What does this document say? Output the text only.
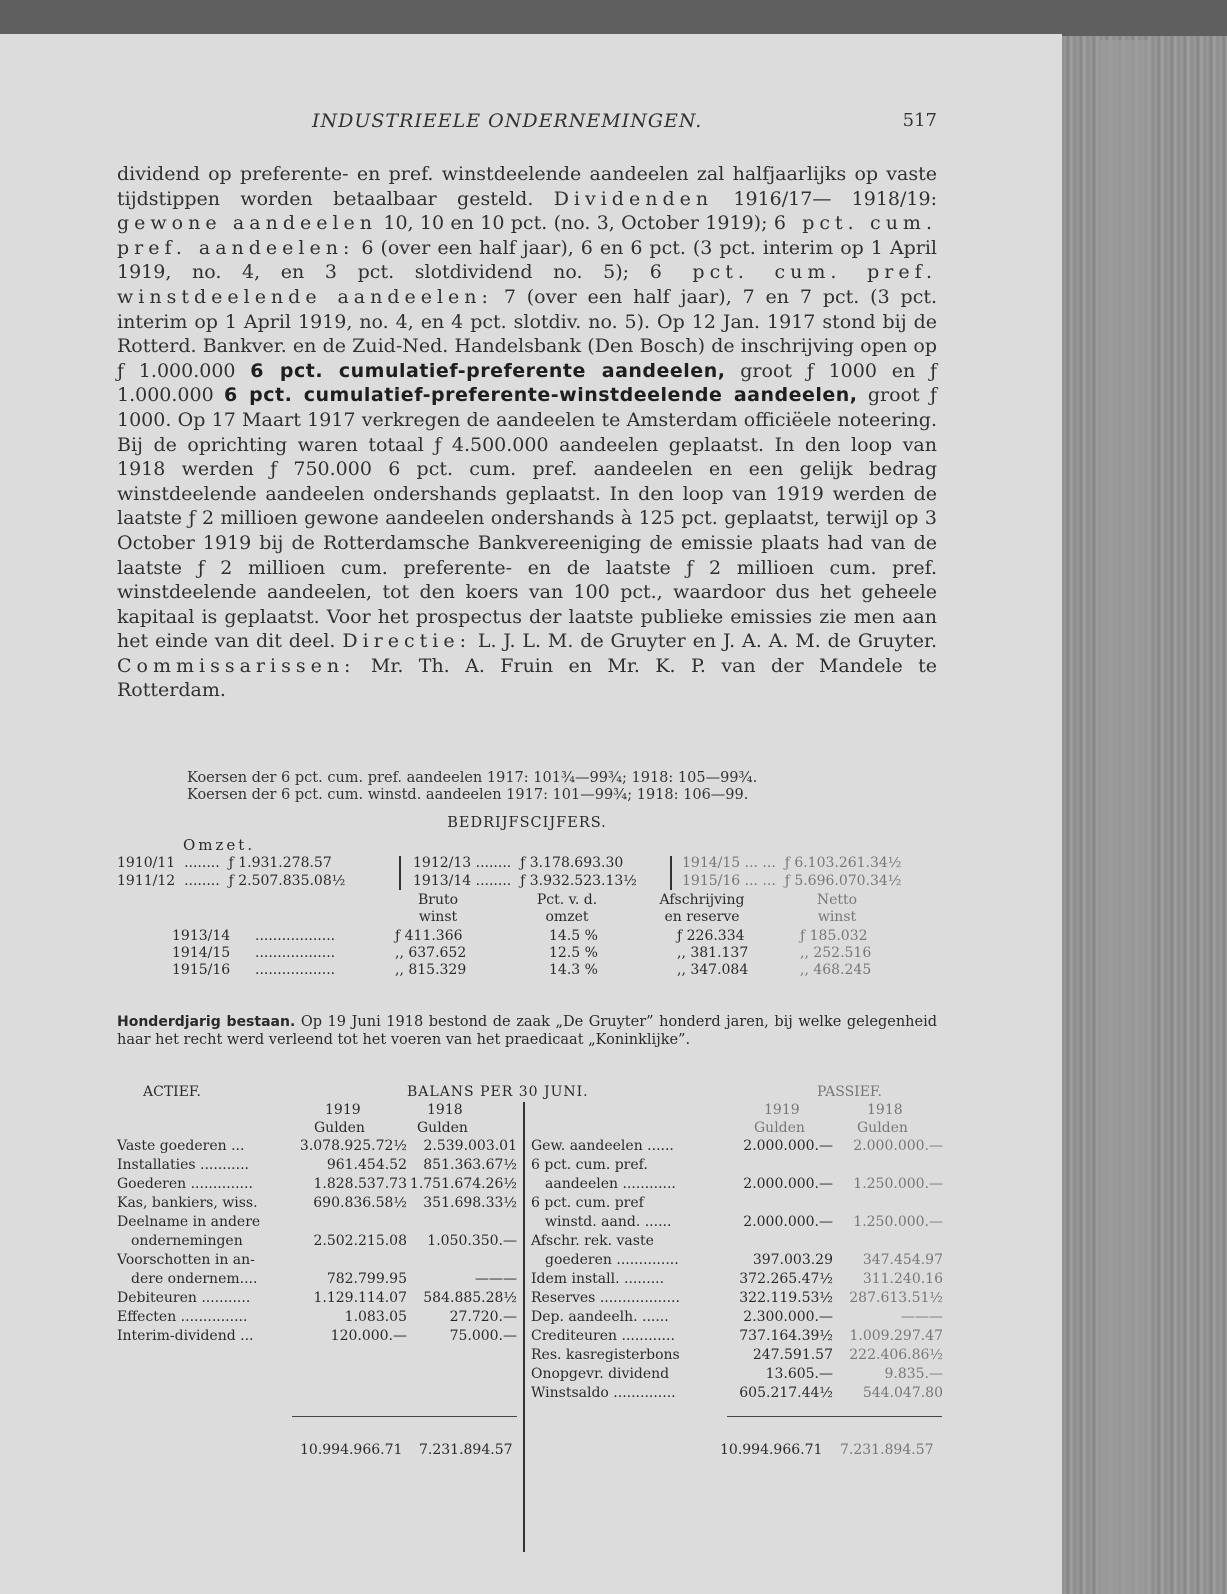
INDUSTRIEELE ONDERNEMINGEN.	517
dividend op preferente- en pref. winstdeelende aandeelen zal halfjaarlijks op vaste tijdstippen worden betaalbaar gesteld. Dividenden 1916/17— 1918/19: gewone aandeelen 10, 10 en 10 pct. (no. 3, October 1919); 6 pct. cum. pref. aandeelen: 6 (over een half jaar), 6 en 6 pct. (3 pct. interim op 1 April 1919, no. 4, en 3 pct. slotdividend no. 5); 6 pct. cum. pref. winstdeelende aandeelen: 7 (over een half jaar), 7 en 7 pct. (3 pct. interim op 1 April 1919, no. 4, en 4 pct. slotdiv. no. 5). Op 12 Jan. 1917 stond bij de Rotterd. Bankver. en de Zuid-Ned. Handelsbank (Den Bosch) de inschrijving open op ƒ 1.000.000 6 pct. cumulatief-preferente aandeelen, groot ƒ 1000 en ƒ 1.000.000 6 pct. cumulatief-preferente-winstdeelende aandeelen, groot ƒ 1000. Op 17 Maart 1917 verkregen de aandeelen te Amsterdam officiëele noteering. Bij de oprichting waren totaal ƒ 4.500.000 aandeelen geplaatst. In den loop van 1918 werden ƒ 750.000 6 pct. cum. pref. aandeelen en een gelijk bedrag winstdeelende aandeelen ondershands geplaatst. In den loop van 1919 werden de laatste ƒ 2 millioen gewone aandeelen ondershands à 125 pct. geplaatst, terwijl op 3 October 1919 bij de Rotterdamsche Bankvereeniging de emissie plaats had van de laatste ƒ 2 millioen cum. preferente- en de laatste ƒ 2 millioen cum. pref. winstdeelende aandeelen, tot den koers van 100 pct., waardoor dus het geheele kapitaal is geplaatst. Voor het prospectus der laatste publieke emissies zie men aan het einde van dit deel. Directie: L. J. L. M. de Gruyter en J. A. A. M. de Gruyter. Commissarissen: Mr. Th. A. Fruin en Mr. K. P. van der Mandele te Rotterdam.
Koersen der 6 pct. cum. pref. aandeelen 1917: 101¾—99¾; 1918: 105—99¾.
Koersen der 6 pct. cum. winstd. aandeelen 1917: 101—99¾; 1918: 106—99.
BEDRIJFSCIJFERS.
Omzet.
1910/11 ........ ƒ 1.931.278.57
1911/12 ........ ƒ 2.507.835.08½
1912/13 ........ ƒ 3.178.693.30
1913/14 ........ ƒ 3.932.523.13½
1914/15 ... ... ƒ 6.103.261.34½
1915/16 ... ... ƒ 5.696.070.34½
Bruto
winst
Pct. v. d.
omzet
Afschrijving
en reserve
Netto
winst
1913/14 ..................	ƒ 411.366	14.5 %	ƒ 226.334	ƒ 185.032
1914/15 ..................	,, 637.652	12.5 %	,, 381.137	,, 252.516
1915/16 ..................	,, 815.329	14.3 %	,, 347.084	,, 468.245
Honderdjarig bestaan. Op 19 Juni 1918 bestond de zaak „De Gruyter” honderd jaren, bij welke gelegenheid haar het recht werd verleend tot het voeren van het praedicaat „Koninklijke”.
ACTIEF.	BALANS PER 30 JUNI.	PASSIEF.
1919	1918
Gulden	Gulden
1919	1918
Gulden	Gulden
Vaste goederen ...	3.078.925.72½ 2.539.003.01
Installaties ...........	961.454.52 851.363.67½
Goederen ..............	1.828.537.73 1.751.674.26½
Kas, bankiers, wiss.	690.836.58½ 351.698.33½
Deelname in andere
ondernemingen	2.502.215.08 1.050.350.—
Voorschotten in an-
dere ondernem....	782.799.95	———
Debiteuren ...........	1.129.114.07 584.885.28½
Effecten ...............	1.083.05	27.720.—
Interim-dividend ...	120.000.—	75.000.—
Gew. aandeelen ......	2.000.000.— 2.000.000.—
6 pct. cum. pref.
aandeelen ............	2.000.000.— 1.250.000.—
6 pct. cum. pref
winstd. aand. ......	2.000.000.— 1.250.000.—
Afschr. rek. vaste
goederen ..............	397.003.29 347.454.97
Idem install. .........	372.265.47½ 311.240.16
Reserves ..................	322.119.53½ 287.613.51½
Dep. aandeelh. ......	2.300.000.—	———
Crediteuren ............	737.164.39½ 1.009.297.47
Res. kasregisterbons	247.591.57 222.406.86½
Onopgevr. dividend	13.605.—	9.835.—
Winstsaldo ..............	605.217.44½ 544.047.80
10.994.966.71 7.231.894.57	10.994.966.71 7.231.894.57
